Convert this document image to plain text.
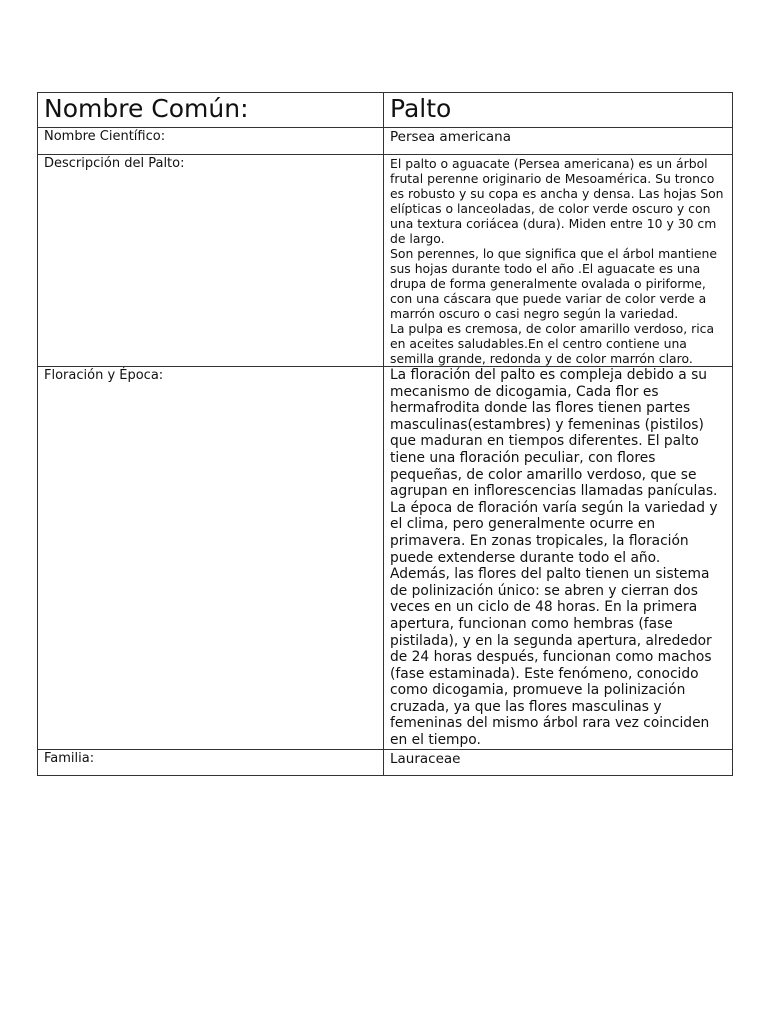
Nombre Común:	Palto

Nombre Científico:	Persea americana

Descripción del Palto:	El palto o aguacate (Persea americana) es un árbol frutal perenne originario de Mesoamérica. Su tronco es robusto y su copa es ancha y densa. Las hojas Son elípticas o lanceoladas, de color verde oscuro y con una textura coriácea (dura). Miden entre 10 y 30 cm de largo.
Son perennes, lo que significa que el árbol mantiene sus hojas durante todo el año .El aguacate es una drupa de forma generalmente ovalada o piriforme, con una cáscara que puede variar de color verde a marrón oscuro o casi negro según la variedad.
La pulpa es cremosa, de color amarillo verdoso, rica en aceites saludables.En el centro contiene una semilla grande, redonda y de color marrón claro.

Floración y Época:	La floración del palto es compleja debido a su mecanismo de dicogamia, Cada flor es hermafrodita donde las flores tienen partes masculinas(estambres) y femeninas (pistilos) que maduran en tiempos diferentes. El palto tiene una floración peculiar, con flores pequeñas, de color amarillo verdoso, que se agrupan en inflorescencias llamadas panículas. La época de floración varía según la variedad y el clima, pero generalmente ocurre en primavera. En zonas tropicales, la floración puede extenderse durante todo el año.
Además, las flores del palto tienen un sistema de polinización único: se abren y cierran dos veces en un ciclo de 48 horas. En la primera apertura, funcionan como hembras (fase pistilada), y en la segunda apertura, alrededor de 24 horas después, funcionan como machos (fase estaminada). Este fenómeno, conocido como dicogamia, promueve la polinización cruzada, ya que las flores masculinas y femeninas del mismo árbol rara vez coinciden en el tiempo.

Familia:	Lauraceae
